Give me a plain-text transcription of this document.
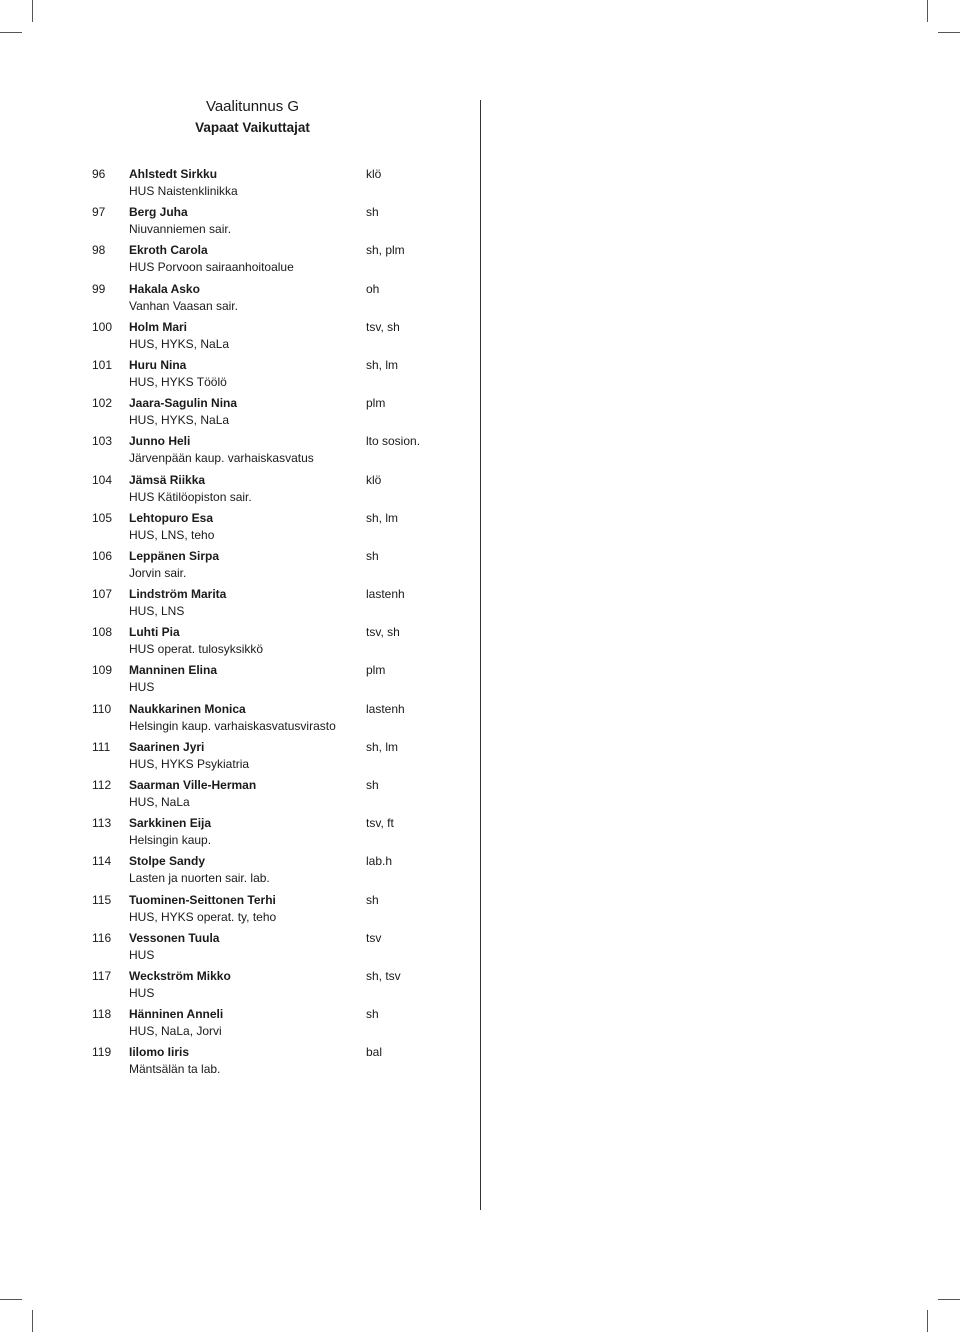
Vaalitunnus G
Vapaat Vaikuttajat
96 Ahlstedt Sirkku
HUS Naistenklinikka
klö
97 Berg Juha
Niuvanniemen sair.
sh
98 Ekroth Carola
HUS Porvoon sairaanhoitoalue
sh, plm
99 Hakala Asko
Vanhan Vaasan sair.
oh
100 Holm Mari
HUS, HYKS, NaLa
tsv, sh
101 Huru Nina
HUS, HYKS Töölö
sh, lm
102 Jaara-Sagulin Nina
HUS, HYKS, NaLa
plm
103 Junno Heli
Järvenpään kaup. varhaiskasvatus
lto sosion.
104 Jämsä Riikka
HUS Kätilöopiston sair.
klö
105 Lehtopuro Esa
HUS, LNS, teho
sh, lm
106 Leppänen Sirpa
Jorvin sair.
sh
107 Lindström Marita
HUS, LNS
lastenh
108 Luhti Pia
HUS operat. tulosyksikkö
tsv, sh
109 Manninen Elina
HUS
plm
110 Naukkarinen Monica
Helsingin kaup. varhaiskasvatusvirasto
lastenh
111 Saarinen Jyri
HUS, HYKS Psykiatria
sh, lm
112 Saarman Ville-Herman
HUS, NaLa
sh
113 Sarkkinen Eija
Helsingin kaup.
tsv, ft
114 Stolpe Sandy
Lasten ja nuorten sair. lab.
lab.h
115 Tuominen-Seittonen Terhi
HUS, HYKS operat. ty, teho
sh
116 Vessonen Tuula
HUS
tsv
117 Weckström Mikko
HUS
sh, tsv
118 Hänninen Anneli
HUS, NaLa, Jorvi
sh
119 Iilomo Iiris
Mäntsälän ta lab.
bal
